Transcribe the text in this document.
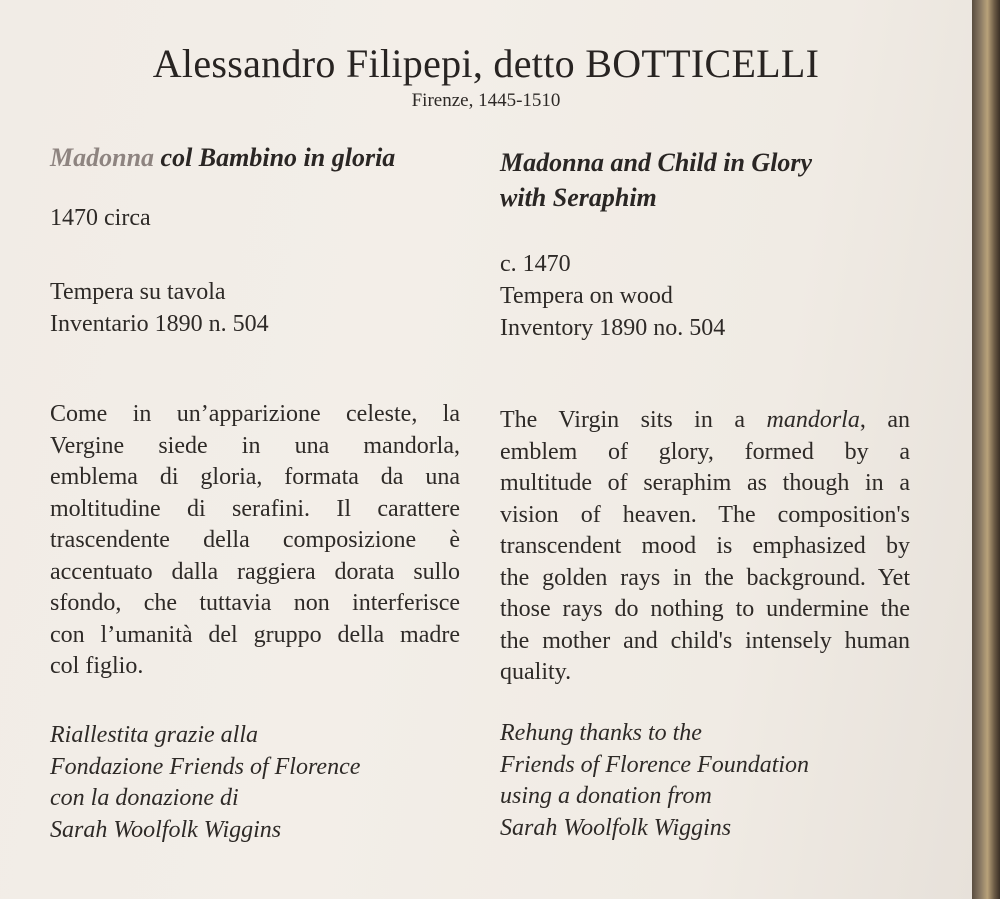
Alessandro Filipepi, detto BOTTICELLI
Firenze, 1445-1510
Madonna col Bambino in gloria
1470 circa
Tempera su tavola
Inventario 1890 n. 504
Come in un’apparizione celeste, la
Vergine siede in una mandorla,
emblema di gloria, formata da una
moltitudine di serafini. Il carattere
trascendente della composizione è
accentuato dalla raggiera dorata sullo
sfondo, che tuttavia non interferisce
con l’umanità del gruppo della madre
col figlio.
Riallestita grazie alla
Fondazione Friends of Florence
con la donazione di
Sarah Woolfolk Wiggins
Madonna and Child in Glory
with Seraphim
c. 1470
Tempera on wood
Inventory 1890 no. 504
The Virgin sits in a mandorla, an
emblem of glory, formed by a
multitude of seraphim as though in a
vision of heaven. The composition's
transcendent mood is emphasized by
the golden rays in the background. Yet
those rays do nothing to undermine the
the mother and child's intensely human
quality.
Rehung thanks to the
Friends of Florence Foundation
using a donation from
Sarah Woolfolk Wiggins
